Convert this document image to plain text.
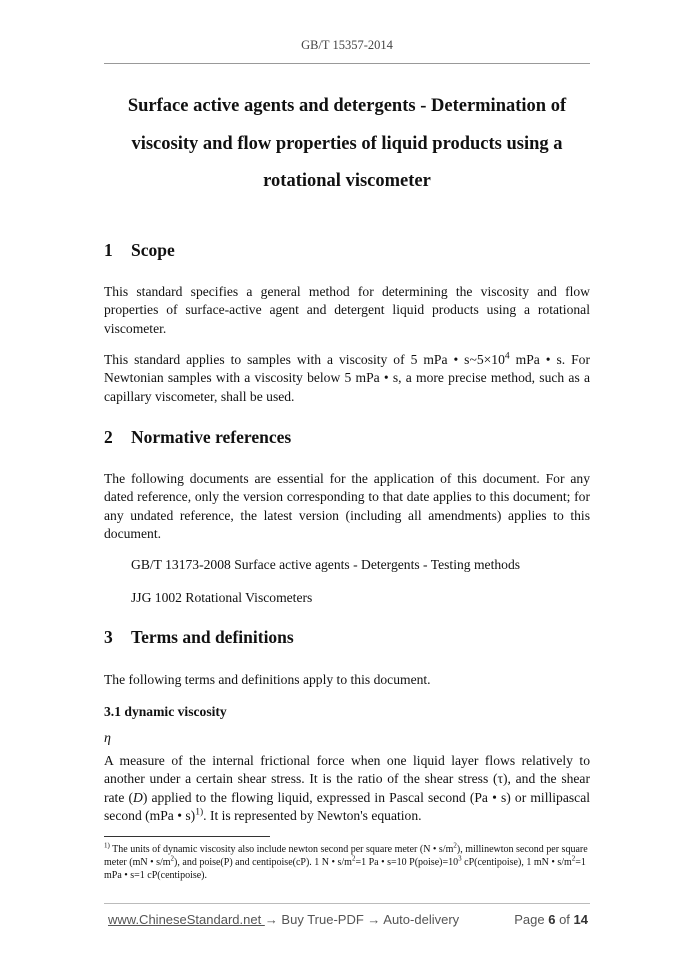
GB/T 15357-2014
Surface active agents and detergents - Determination of
viscosity and flow properties of liquid products using a
rotational viscometer
1 Scope
This standard specifies a general method for determining the viscosity and flow properties of surface-active agent and detergent liquid products using a rotational viscometer.
This standard applies to samples with a viscosity of 5 mPa • $s\sim 5\times 10^4$ mPa • s. For Newtonian samples with a viscosity below 5 mPa • s, a more precise method, such as a capillary viscometer, shall be used.
2 Normative references
The following documents are essential for the application of this document. For any dated reference, only the version corresponding to that date applies to this document; for any undated reference, the latest version (including all amendments) applies to this document.
GB/T 13173-2008 Surface active agents - Detergents - Testing methods
JJG 1002 Rotational Viscometers
3 Terms and definitions
The following terms and definitions apply to this document.
3.1 dynamic viscosity
η
A measure of the internal frictional force when one liquid layer flows relatively to another under a certain shear stress. It is the ratio of the shear stress (τ), and the shear rate (D) applied to the flowing liquid, expressed in Pascal second (Pa • s) or millipascal second (mPa • s)$^{1)}$. It is represented by Newton's equation.
$^{1)}$ The units of dynamic viscosity also include newton second per square meter (N • $s/m^2$), millinewton second per square meter (mN • $s/m^2$), and poise(P) and centipoise(cP). 1 N • $s/m^2=1$ Pa • s=10 $P(poise)=10^3$ cP(centipoise), 1 mN • $s/m^2=1$ mPa • s=1 cP(centipoise).
www.ChineseStandard.net → Buy True-PDF → Auto-delivery	Page 6 of 14
